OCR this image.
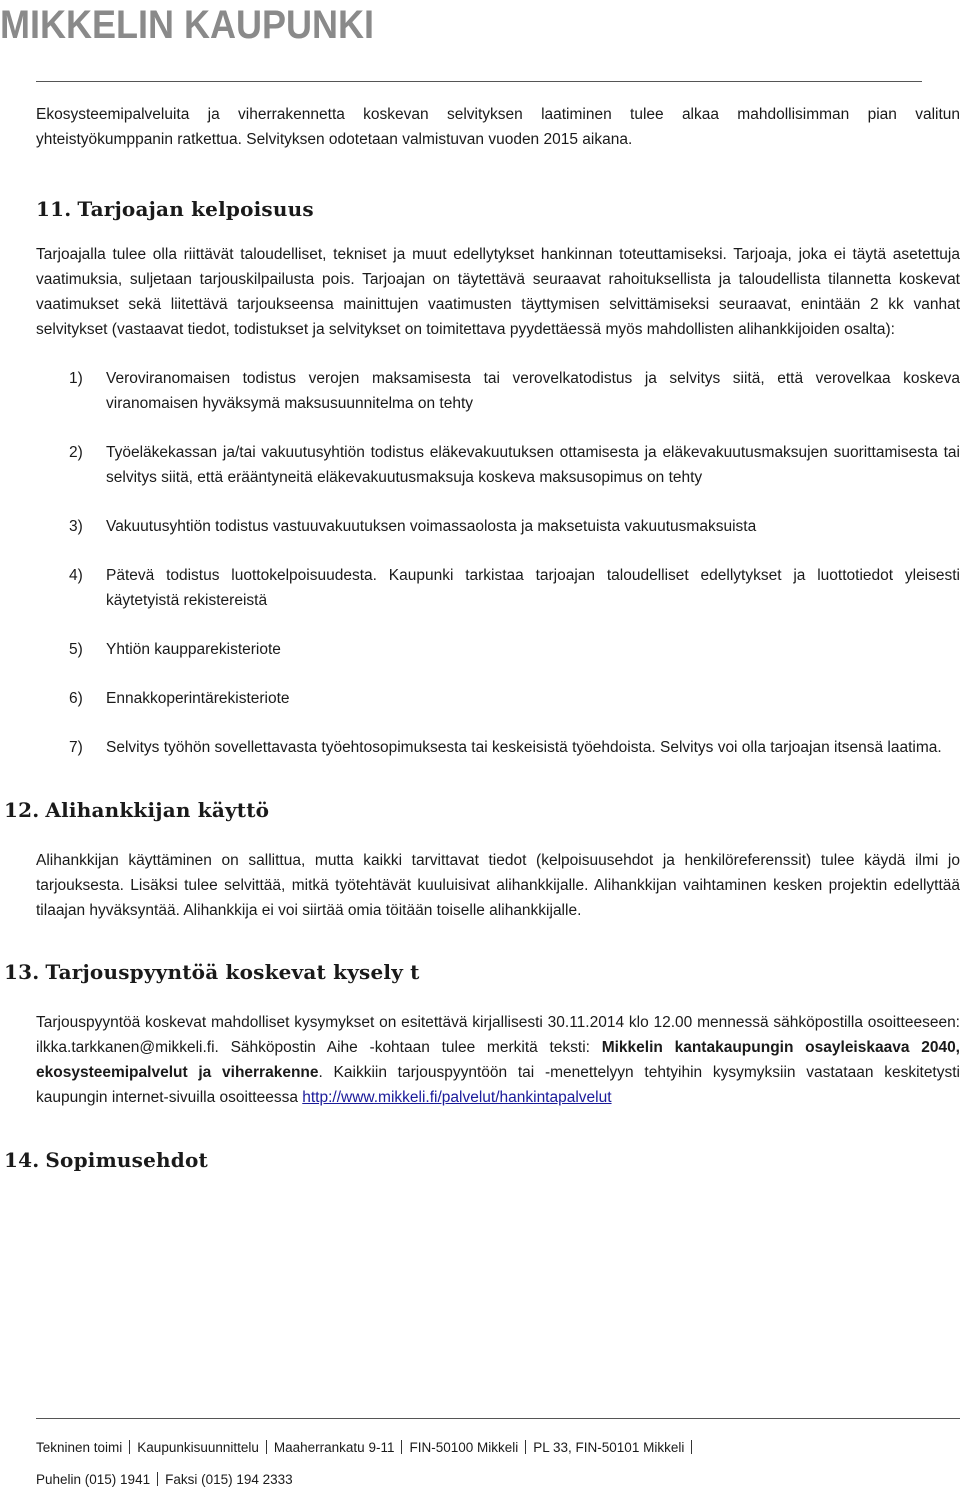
MIKKELIN KAUPUNKI

Ekosysteemipalveluita ja viherrakennetta koskevan selvityksen laatiminen tulee alkaa mahdollisimman pian valitun yhteistyökumppanin ratkettua. Selvityksen odotetaan valmistuvan vuoden 2015 aikana.

11. Tarjoajan kelpoisuus

Tarjoajalla tulee olla riittävät taloudelliset, tekniset ja muut edellytykset hankinnan toteuttamiseksi. Tarjoaja, joka ei täytä asetettuja vaatimuksia, suljetaan tarjouskilpailusta pois. Tarjoajan on täytettävä seuraavat rahoituksellista ja taloudellista tilannetta koskevat vaatimukset sekä liitettävä tarjoukseensa mainittujen vaatimusten täyttymisen selvittämiseksi seuraavat, enintään 2 kk vanhat selvitykset (vastaavat tiedot, todistukset ja selvitykset on toimitettava pyydettäessä myös mahdollisten alihankkijoiden osalta):

1) Veroviranomaisen todistus verojen maksamisesta tai verovelkatodistus ja selvitys siitä, että verovelkaa koskeva viranomaisen hyväksymä maksusuunnitelma on tehty
2) Työeläkekassan ja/tai vakuutusyhtiön todistus eläkevakuutuksen ottamisesta ja eläkevakuutusmaksujen suorittamisesta tai selvitys siitä, että erääntyneitä eläkevakuutusmaksuja koskeva maksusopimus on tehty
3) Vakuutusyhtiön todistus vastuuvakuutuksen voimassaolosta ja maksetuista vakuutusmaksuista
4) Pätevä todistus luottokelpoisuudesta. Kaupunki tarkistaa tarjoajan taloudelliset edellytykset ja luottotiedot yleisesti käytetyistä rekistereistä
5) Yhtiön kaupparekisteriote
6) Ennakkoperintärekisteriote
7) Selvitys työhön sovellettavasta työehtosopimuksesta tai keskeisistä työehdoista. Selvitys voi olla tarjoajan itsensä laatima.
12. Alihankkijan käyttö

Alihankkijan käyttäminen on sallittua, mutta kaikki tarvittavat tiedot (kelpoisuusehdot ja henkilöreferenssit) tulee käydä ilmi jo tarjouksesta. Lisäksi tulee selvittää, mitkä työtehtävät kuuluisivat alihankkijalle. Alihankkijan vaihtaminen kesken projektin edellyttää tilaajan hyväksyntää. Alihankkija ei voi siirtää omia töitään toiselle alihankkijalle.

13. Tarjouspyyntöä koskevat kysely t

Tarjouspyyntöä koskevat mahdolliset kysymykset on esitettävä kirjallisesti 30.11.2014 klo 12.00 mennessä sähköpostilla osoitteeseen: ilkka.tarkkanen@mikkeli.fi. Sähköpostin Aihe -kohtaan tulee merkitä teksti: Mikkelin kantakaupungin osayleiskaava 2040, ekosysteemipalvelut ja viherrakenne. Kaikkiin tarjouspyyntöön tai -menettelyyn tehtyihin kysymyksiin vastataan keskitetysti kaupungin internet-sivuilla osoitteessa http://www.mikkeli.fi/palvelut/hankintapalvelut

14. Sopimusehdot
Tekninen toimi Kaupunkisuunnittelu Maaherrankatu 9-11 FIN-50100 Mikkeli PL 33, FIN-50101 Mikkeli
Puhelin (015) 1941 Faksi (015) 194 2333
